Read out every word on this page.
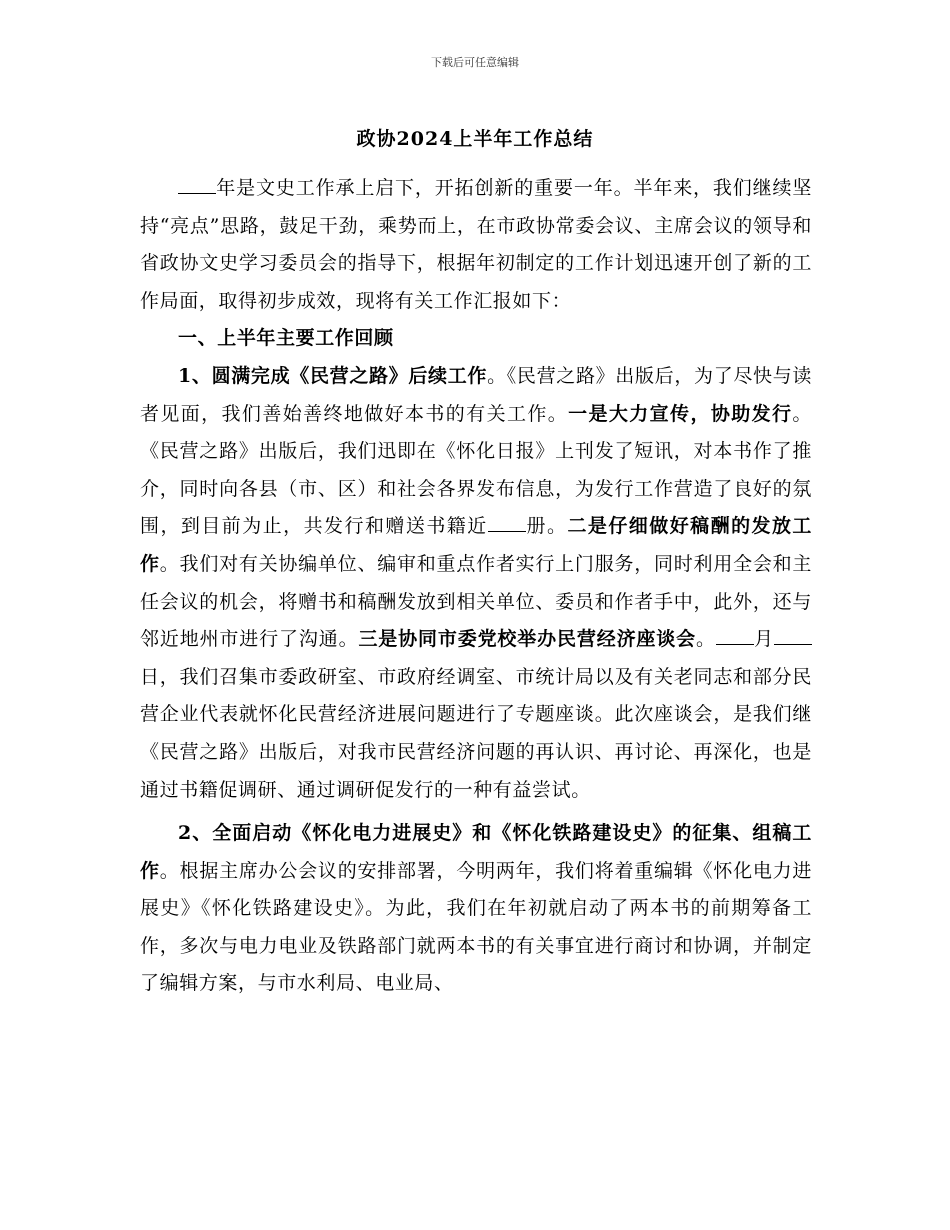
下载后可任意编辑
政协2024上半年工作总结

年是文史工作承上启下，开拓创新的重要一年。半年来，我们继续坚持“亮点”思路，鼓足干劲，乘势而上，在市政协常委会议、主席会议的领导和省政协文史学习委员会的指导下，根据年初制定的工作计划迅速开创了新的工作局面，取得初步成效，现将有关工作汇报如下：

一、上半年主要工作回顾

1、圆满完成《民营之路》后续工作。《民营之路》出版后，为了尽快与读者见面，我们善始善终地做好本书的有关工作。一是大力宣传，协助发行。《民营之路》出版后，我们迅即在《怀化日报》上刊发了短讯，对本书作了推介，同时向各县（市、区）和社会各界发布信息，为发行工作营造了良好的氛围，到目前为止，共发行和赠送书籍近 册。二是仔细做好稿酬的发放工作。我们对有关协编单位、编审和重点作者实行上门服务，同时利用全会和主任会议的机会，将赠书和稿酬发放到相关单位、委员和作者手中，此外，还与邻近地州市进行了沟通。三是协同市委党校举办民营经济座谈会。 月日，我们召集市委政研室、市政府经调室、市统计局以及有关老同志和部分民营企业代表就怀化民营经济进展问题进行了专题座谈。此次座谈会，是我们继《民营之路》出版后，对我市民营经济问题的再认识、再讨论、再深化，也是通过书籍促调研、通过调研促发行的一种有益尝试。

2、全面启动《怀化电力进展史》和《怀化铁路建设史》的征集、组稿工作。根据主席办公会议的安排部署，今明两年，我们将着重编辑《怀化电力进展史》《怀化铁路建设史》。为此，我们在年初就启动了两本书的前期筹备工作，多次与电力电业及铁路部门就两本书的有关事宜进行商讨和协调，并制定了编辑方案，与市水利局、电业局、
